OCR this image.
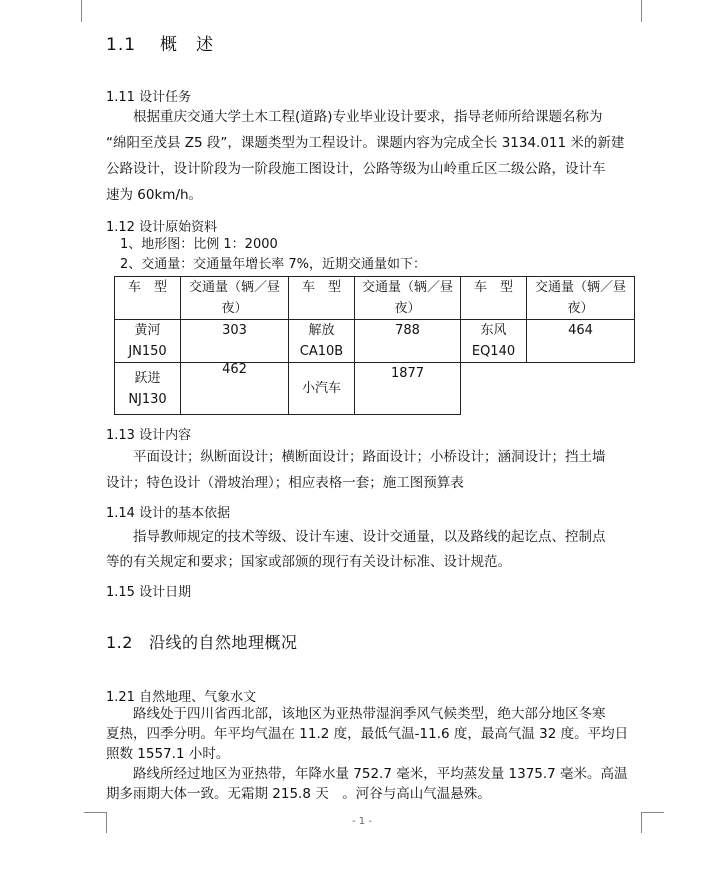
1.1 概　述
1.11 设计任务
根据重庆交通大学土木工程(道路)专业毕业设计要求，指导老师所给课题名称为
“绵阳至茂县 Z5 段”，课题类型为工程设计。课题内容为完成全长 3134.011 米的新建
公路设计，设计阶段为一阶段施工图设计，公路等级为山岭重丘区二级公路，设计车
速为 60km/h。
1.12 设计原始资料
1、地形图：比例 1：2000
2、交通量：交通量年增长率 7%，近期交通量如下：
车　型	交通量（辆／昼
夜）	车　型	交通量（辆／昼
夜）	车　型	交通量（辆／昼
夜）

黄河
JN150	303	解放
CA10B	788	东风
EQ140	464

跃进
NJ130	462	小汽车	1877		
1.13 设计内容
平面设计；纵断面设计；横断面设计；路面设计；小桥设计；涵洞设计；挡土墙
设计；特色设计（滑坡治理）；相应表格一套；施工图预算表
1.14 设计的基本依据
指导教师规定的技术等级、设计车速、设计交通量，以及路线的起讫点、控制点
等的有关规定和要求；国家或部颁的现行有关设计标准、设计规范。
1.15 设计日期
1.2 沿线的自然地理概况
1.21 自然地理、气象水文
路线处于四川省西北部，该地区为亚热带湿润季风气候类型，绝大部分地区冬寒
夏热，四季分明。年平均气温在 11.2 度，最低气温-11.6 度，最高气温 32 度。平均日
照数 1557.1 小时。
路线所经过地区为亚热带，年降水量 752.7 毫米，平均蒸发量 1375.7 毫米。高温
期多雨期大体一致。无霜期 215.8 天　。河谷与高山气温悬殊。
- 1 -
